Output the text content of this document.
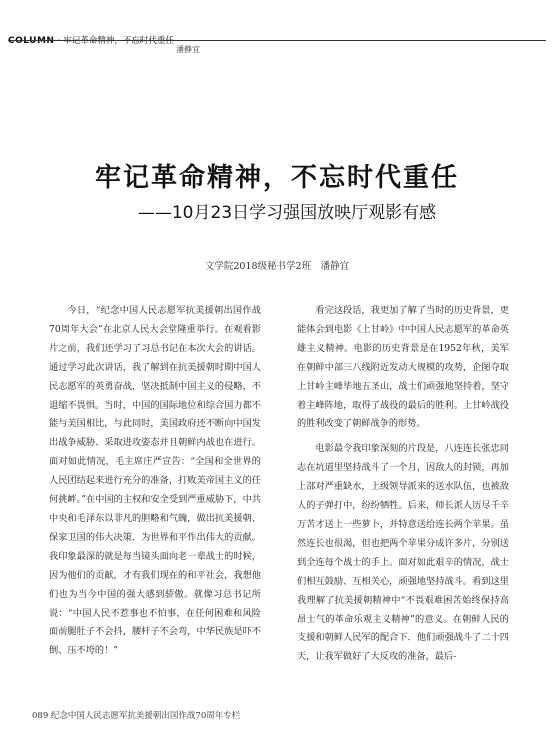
COLUMN · 牢记革命精神，不忘时代重任
潘静宜
牢记革命精神，不忘时代重任
——10月23日学习强国放映厅观影有感
文学院2018级秘书学2班　潘静宜

今日，“纪念中国人民志愿军抗美援朝出国作战70周年大会”在北京人民大会堂隆重举行。在观看影片之前，我们还学习了习总书记在本次大会的讲话。通过学习此次讲话，我了解到在抗美援朝时期中国人民志愿军的英勇奋战，坚决抵制中国主义的侵略，不退缩不畏惧。当时，中国的国际地位和综合国力都不能与美国相比，与此同时，美国政府还不断向中国发出战争威胁、采取进攻姿态并且朝鲜内战也在进行。面对如此情况，毛主席庄严宣告：“全国和全世界的人民团结起来进行充分的准备，打败美帝国主义的任何挑衅。”在中国的主权和安全受到严重威胁下，中共中央和毛泽东以非凡的胆略和气魄，做出抗美援朝、保家卫国的伟大决策．为世界和平作出伟大的贡献。我印象最深的就是每当镜头面向老一辈战士的时候，因为他们的贡献，才有我们现在的和平社会，我想他们也为当今中国的强大感到骄傲。就像习总书记所说：“中国人民不惹事也不怕事，在任何困难和风险面前腿肚子不会抖，腰杆子不会弯，中华民族是吓不倒、压不垮的！”

看完这段话，我更加了解了当时的历史背景，更能体会到电影《上甘岭》中中国人民志愿军的革命英雄主义精神。电影的历史背景是在1952年秋，美军在朝鲜中部三八线附近发动大规模的攻势，企图夺取上甘岭主峰毕地五圣山，战士们顽强地坚持着，坚守着主峰阵地，取得了战役的最后的胜利。上甘岭战役的胜利改变了朝鲜战争的形势。

电影最令我印象深刻的片段是，八连连长张忠同志在坑道里坚持战斗了一个月，因敌人的封锁，再加上部对严重缺水，上级领导派来的送水队伍，也被敌人的子弹打中，纷纷牺牲。后来，师长派人历尽千辛万苦才送上一些萝卜，并特意送给连长两个苹果。虽然连长也很渴，但也把两个苹果分成许多片，分别送到全连每个战士的手上。面对如此艰辛的情况，战士们相互鼓励、互相关心，顽强地坚持战斗。看到这里我理解了抗美援朝精神中“不畏艰难困苦始终保持高昂士气的革命乐观主义精神”的意义。在朝鲜人民的支援和朝鲜人民军的配合下．他们顽强战斗了二十四天，让我军做好了大反攻的准备，最后-

089 纪念中国人民志愿军抗美援朝出国作战70周年专栏
